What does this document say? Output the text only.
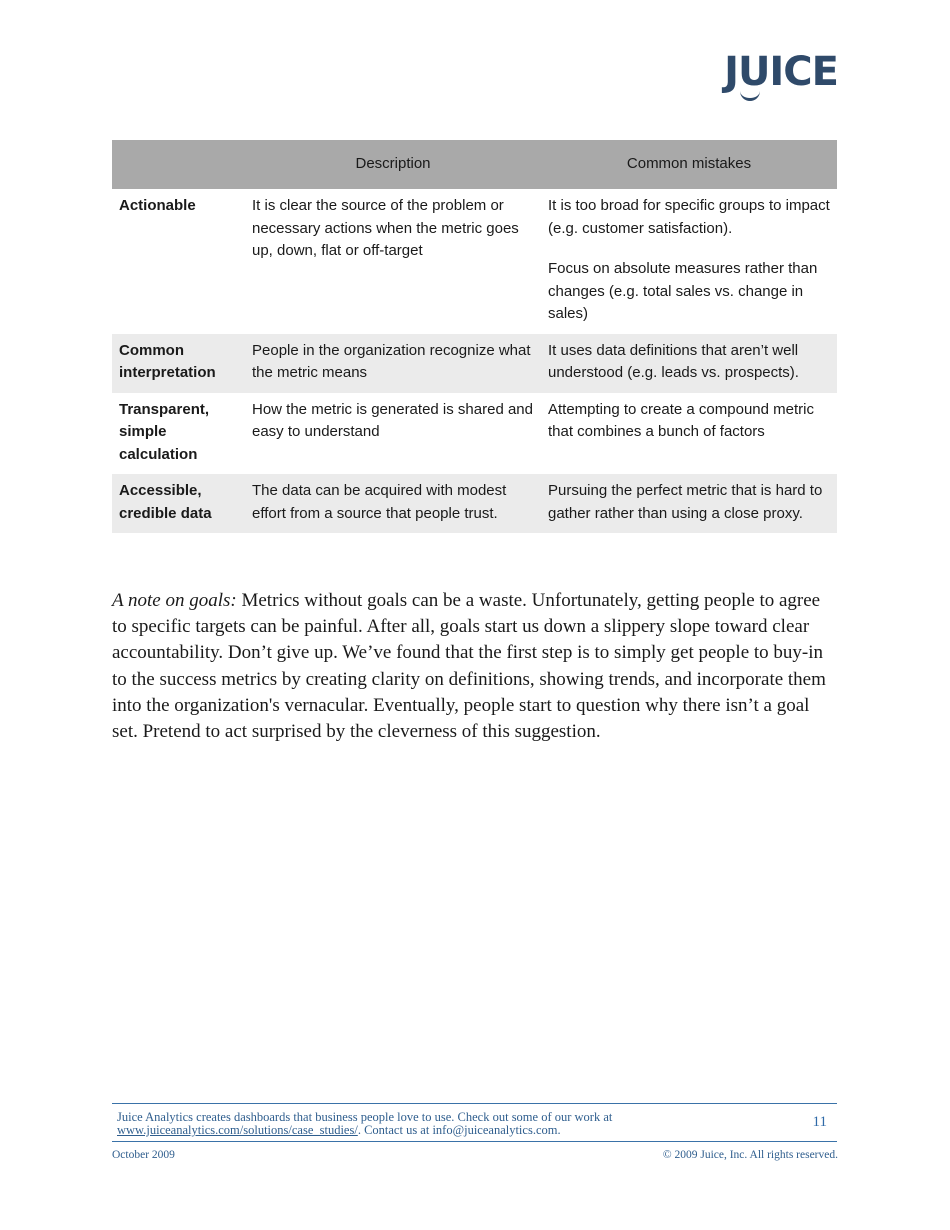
JUICE
	Description	Common mistakes
Actionable	It is clear the source of the problem or necessary actions when the metric goes up, down, flat or off-target	It is too broad for specific groups to impact (e.g. customer satisfaction).

Focus on absolute measures rather than changes (e.g. total sales vs. change in sales)

Common interpretation	People in the organization recognize what the metric means	It uses data definitions that aren’t well understood (e.g. leads vs. prospects).

Transparent, simple calculation	How the metric is generated is shared and easy to understand	Attempting to create a compound metric that combines a bunch of factors

Accessible, credible data	The data can be acquired with modest effort from a source that people trust.	Pursuing the perfect metric that is hard to gather rather than using a close proxy.

A note on goals: Metrics without goals can be a waste. Unfortunately, getting people to agree to specific targets can be painful. After all, goals start us down a slippery slope toward clear accountability. Don’t give up. We’ve found that the first step is to simply get people to buy-in to the success metrics by creating clarity on definitions, showing trends, and incorporate them into the organization's vernacular. Eventually, people start to question why there isn’t a goal set. Pretend to act surprised by the cleverness of this suggestion.
Juice Analytics creates dashboards that business people love to use. Check out some of our work at
www.juiceanalytics.com/solutions/case_studies/. Contact us at info@juiceanalytics.com.	11
October 2009	© 2009 Juice, Inc. All rights reserved.
